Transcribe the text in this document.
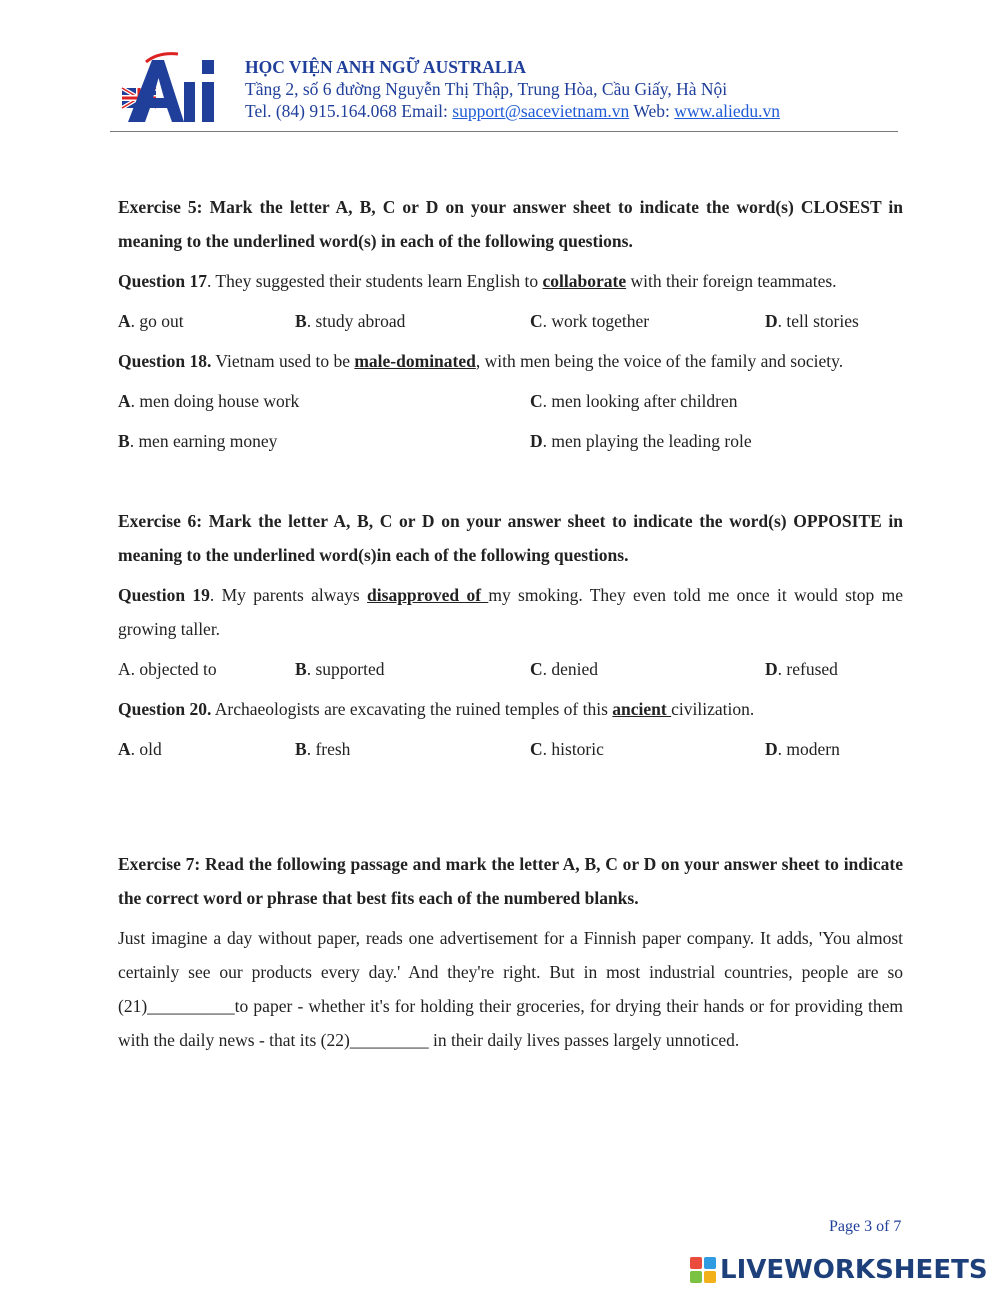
HỌC VIỆN ANH NGỮ AUSTRALIA
Tầng 2, số 6 đường Nguyễn Thị Thập, Trung Hòa, Cầu Giấy, Hà Nội
Tel. (84) 915.164.068 Email: support@sacevietnam.vn Web: www.aliedu.vn

Exercise 5: Mark the letter A, B, C or D on your answer sheet to indicate the word(s) CLOSEST in meaning to the underlined word(s) in each of the following questions.

Question 17. They suggested their students learn English to collaborate with their foreign teammates.

A. go out	B. study abroad	C. work together	D. tell stories

Question 18. Vietnam used to be male-dominated, with men being the voice of the family and society.

A. men doing house work	C. men looking after children
B. men earning money	D. men playing the leading role

Exercise 6: Mark the letter A, B, C or D on your answer sheet to indicate the word(s) OPPOSITE in meaning to the underlined word(s)in each of the following questions.

Question 19. My parents always disapproved of my smoking. They even told me once it would stop me growing taller.

A. objected to	B. supported	C. denied	D. refused

Question 20. Archaeologists are excavating the ruined temples of this ancient civilization.

A. old	B. fresh	C. historic	D. modern

Exercise 7: Read the following passage and mark the letter A, B, C or D on your answer sheet to indicate the correct word or phrase that best fits each of the numbered blanks.

Just imagine a day without paper, reads one advertisement for a Finnish paper company. It adds, 'You almost certainly see our products every day.' And they're right. But in most industrial countries, people are so (21)__________to paper - whether it's for holding their groceries, for drying their hands or for providing them with the daily news - that its (22)_________ in their daily lives passes largely unnoticed.

Page 3 of 7
LIVEWORKSHEETS
